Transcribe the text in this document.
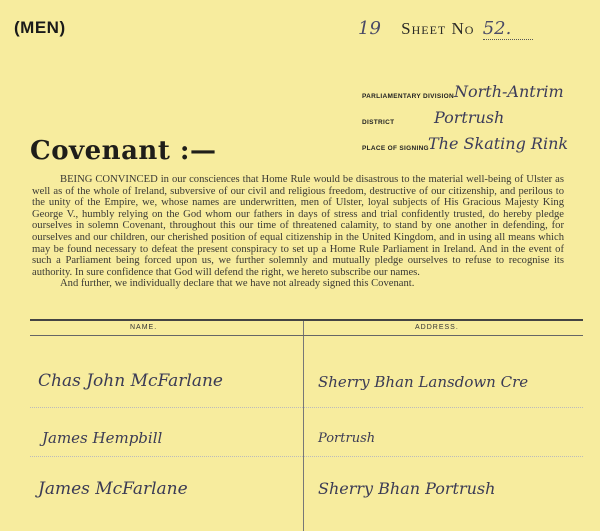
(MEN)	19 Sheet No 52.
PARLIAMENTARY DIVISION North-Antrim
DISTRICT Portrush
PLACE OF SIGNING The Skating Rink
Covenant :—

BEING CONVINCED in our consciences that Home Rule would be disastrous to the material well-being of Ulster as well as of the whole of Ireland, subversive of our civil and religious freedom, destructive of our citizenship, and perilous to the unity of the Empire, we, whose names are underwritten, men of Ulster, loyal subjects of His Gracious Majesty King George V., humbly relying on the God whom our fathers in days of stress and trial confidently trusted, do hereby pledge ourselves in solemn Covenant, throughout this our time of threatened calamity, to stand by one another in defending, for ourselves and our children, our cherished position of equal citizenship in the United Kingdom, and in using all means which may be found necessary to defeat the present conspiracy to set up a Home Rule Parliament in Ireland. And in the event of such a Parliament being forced upon us, we further solemnly and mutually pledge ourselves to refuse to recognise its authority. In sure confidence that God will defend the right, we hereto subscribe our names.

And further, we individually declare that we have not already signed this Covenant.

NAME.	ADDRESS.
Chas John McFarlane	Sherry Bhan Lansdown Cre
James Hempbill	Portrush
James McFarlane	Sherry Bhan Portrush
